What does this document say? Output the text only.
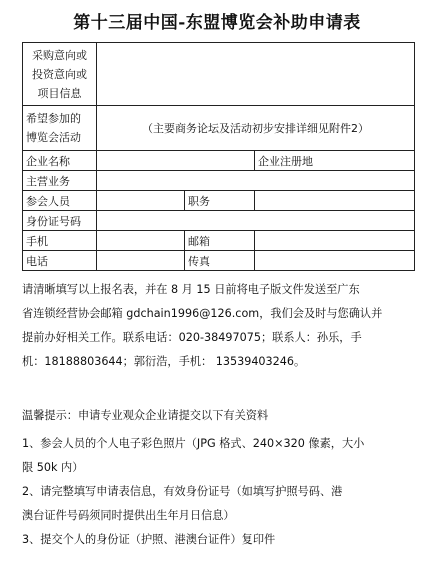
第十三届中国-东盟博览会补助申请表
采购意向或
投资意向或
项目信息			

希望参加的
博览会活动	（主要商务论坛及活动初步安排详细见附件2）		
企业名称			企业注册地
主营业务			
参会人员		职务	
身份证号码			
手机		邮箱	
电话		传真	

请清晰填写以上报名表，并在 8 月 15 日前将电子版文件发送至广东

省连锁经营协会邮箱 gdchain1996@126.com，我们会及时与您确认并

提前办好相关工作。联系电话：020-38497075；联系人：孙乐，手

机：18188803644；郭衍浩，手机： 13539403246。

温馨提示：申请专业观众企业请提交以下有关资料

1、参会人员的个人电子彩色照片（JPG 格式、240×320 像素，大小

限 50k 内）

2、请完整填写申请表信息，有效身份证号（如填写护照号码、港

澳台证件号码须同时提供出生年月日信息）

3、提交个人的身份证（护照、港澳台证件）复印件
